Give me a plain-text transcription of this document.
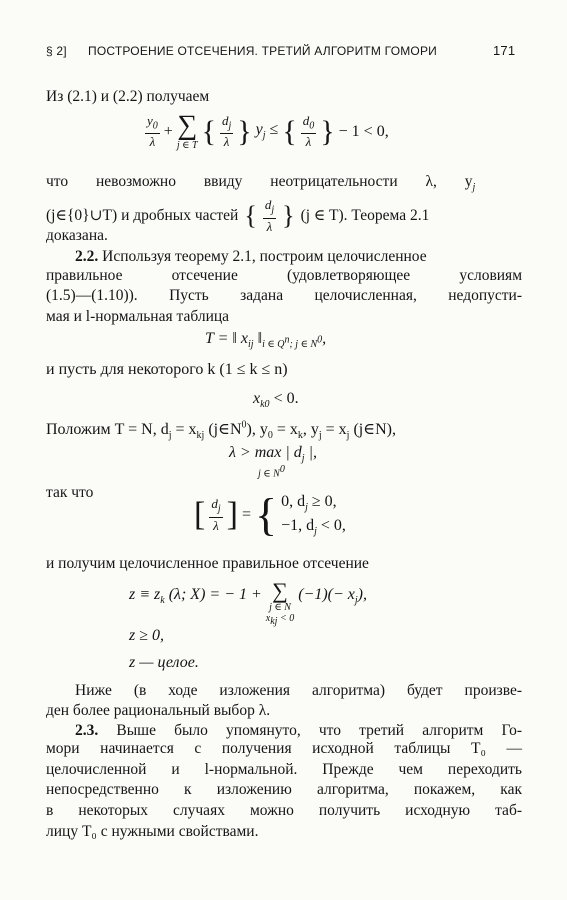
§ 2] ПОСТРОЕНИЕ ОТСЕЧЕНИЯ. ТРЕТИЙ АЛГОРИТМ ГОМОРИ	171
Из (2.1) и (2.2) получаем
$\frac{y_0}{\lambda}$ + ∑
j ∈ T { $\frac{d_j}{\lambda}$ } $y_j$ ≤ { $\frac{d_0}{\lambda}$ } − 1 < 0,
что невозможно ввиду неотрицательности λ, $y_j$
(j∈{0}∪T) и дробных частей { $\frac{d_j}{\lambda}$ } (j ∈ T). Теорема 2.1
доказана.
2.2. Используя теорему 2.1, построим целочисленное
правильное отсечение (удовлетворяющее условиям
(1.5)—(1.10)). Пусть задана целочисленная, недопусти-
мая и l-нормальная таблица
T = ‖ $x_{ij}$ $‖_{i \in Q^n; j \in N^0}$,
и пусть для некоторого k (1 ≤ k ≤ n)
$x_{k0} < 0$.
Положим T = N, $d_j = x_{kj}$ $(j\in N^0)$, $y_0 = x_k$, $y_j = x_j$ (j∈N),
λ > max | $d_j$ |,
j ∈ $N^0$
так что
[ $\frac{d_j}{\lambda}$ ] = { 0, $d_j \ge 0$,
−1, $d_j < 0$,
и получим целочисленное правильное отсечение
$z \equiv z_k$ (λ; X) = − 1 + ∑
j ∈ N
$x_{kj} < 0$
$(-1)(- x_j)$,
z ≥ 0,
z — целое.
Ниже (в ходе изложения алгоритма) будет произве-
ден более рациональный выбор λ.
2.3. Выше было упомянуто, что третий алгоритм Го-
мори начинается с получения исходной таблицы T₀ —
целочисленной и l-нормальной. Прежде чем переходить
непосредственно к изложению алгоритма, покажем, как
в некоторых случаях можно получить исходную таб-
лицу T₀ с нужными свойствами.
